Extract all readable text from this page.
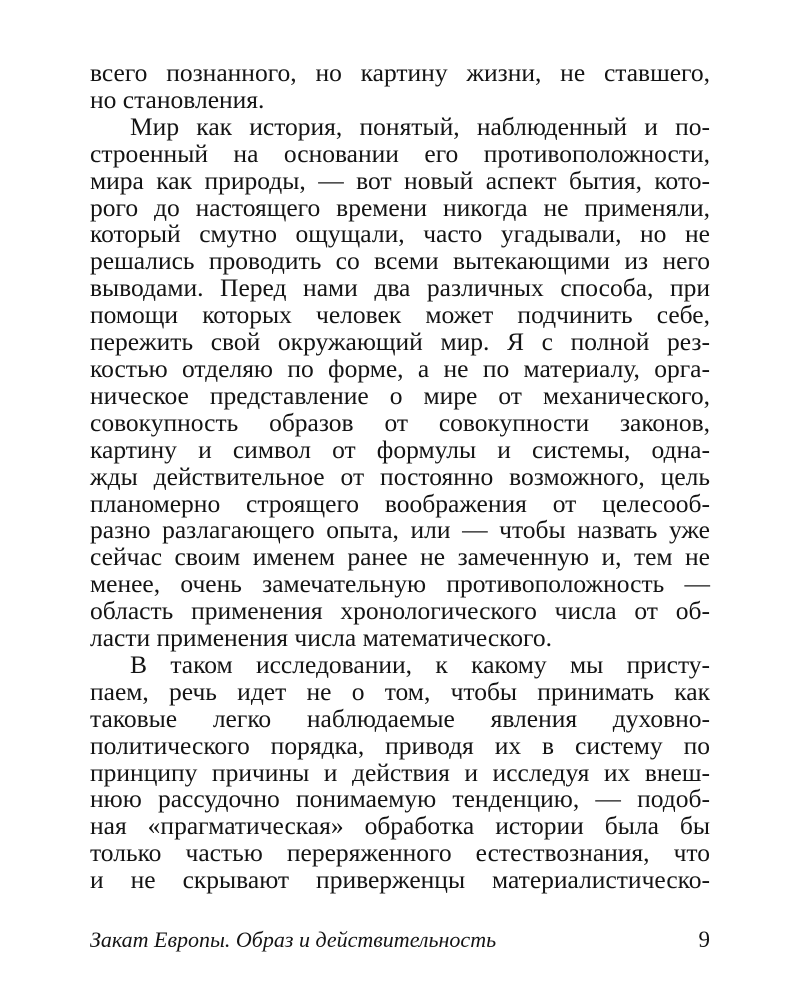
всего познанного, но картину жизни, не ставшего,
но становления.
Мир как история, понятый, наблюденный и по-
строенный на основании его противоположности,
мира как природы, — вот новый аспект бытия, кото-
рого до настоящего времени никогда не применяли,
который смутно ощущали, часто угадывали, но не
решались проводить со всеми вытекающими из него
выводами. Перед нами два различных способа, при
помощи которых человек может подчинить себе,
пережить свой окружающий мир. Я с полной рез-
костью отделяю по форме, а не по материалу, орга-
ническое представление о мире от механического,
совокупность образов от совокупности законов,
картину и символ от формулы и системы, одна-
жды действительное от постоянно возможного, цель
планомерно строящего воображения от целесооб-
разно разлагающего опыта, или — чтобы назвать уже
сейчас своим именем ранее не замеченную и, тем не
менее, очень замечательную противоположность —
область применения хронологического числа от об-
ласти применения числа математического.
В таком исследовании, к какому мы присту-
паем, речь идет не о том, чтобы принимать как
таковые легко наблюдаемые явления духовно-
политического порядка, приводя их в систему по
принципу причины и действия и исследуя их внеш-
нюю рассудочно понимаемую тенденцию, — подоб-
ная «прагматическая» обработка истории была бы
только частью переряженного естествознания, что
и не скрывают приверженцы материалистическо-
Закат Европы. Образ и действительность	9
